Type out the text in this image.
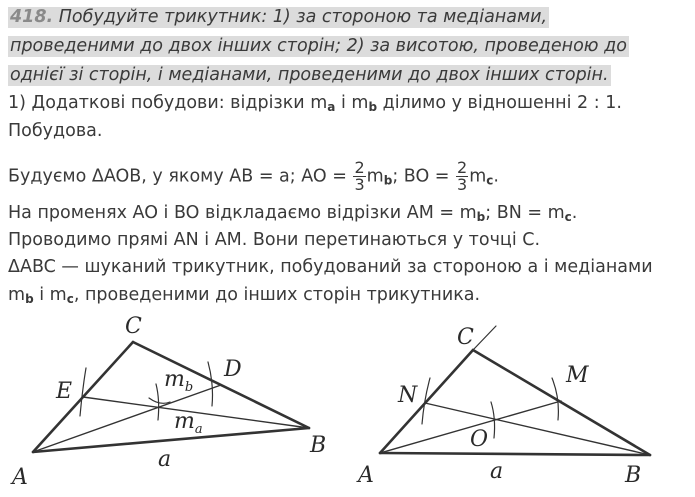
418. Побудуйте трикутник: 1) за стороною та медіанами,
проведеними до двох інших сторін; 2) за висотою, проведеною до
однієї зі сторін, і медіанами, проведеними до двох інших сторін.
1) Додаткові побудови: відрізки $m_a$ і $m_b$ ділимо у відношенні 2 : 1.
Побудова.
Будуємо ΔAOB, у якому AB = a; AO = $\frac{2}{3} m_b$; BO = $\frac{2}{3} m_c$.
На променях AO і BO відкладаємо відрізки AM = $m_b$; BN = $m_c$.
Проводимо прямі AN і AM. Вони перетинаються у точці C.
ΔABC — шуканий трикутник, побудований за стороною a і медіанами
$m_b$ і $m_c$, проведеними до інших сторін трикутника.
C
E
D
A
B
a
$m_b$
$m_a$
C
N
M
O
A	B
a
